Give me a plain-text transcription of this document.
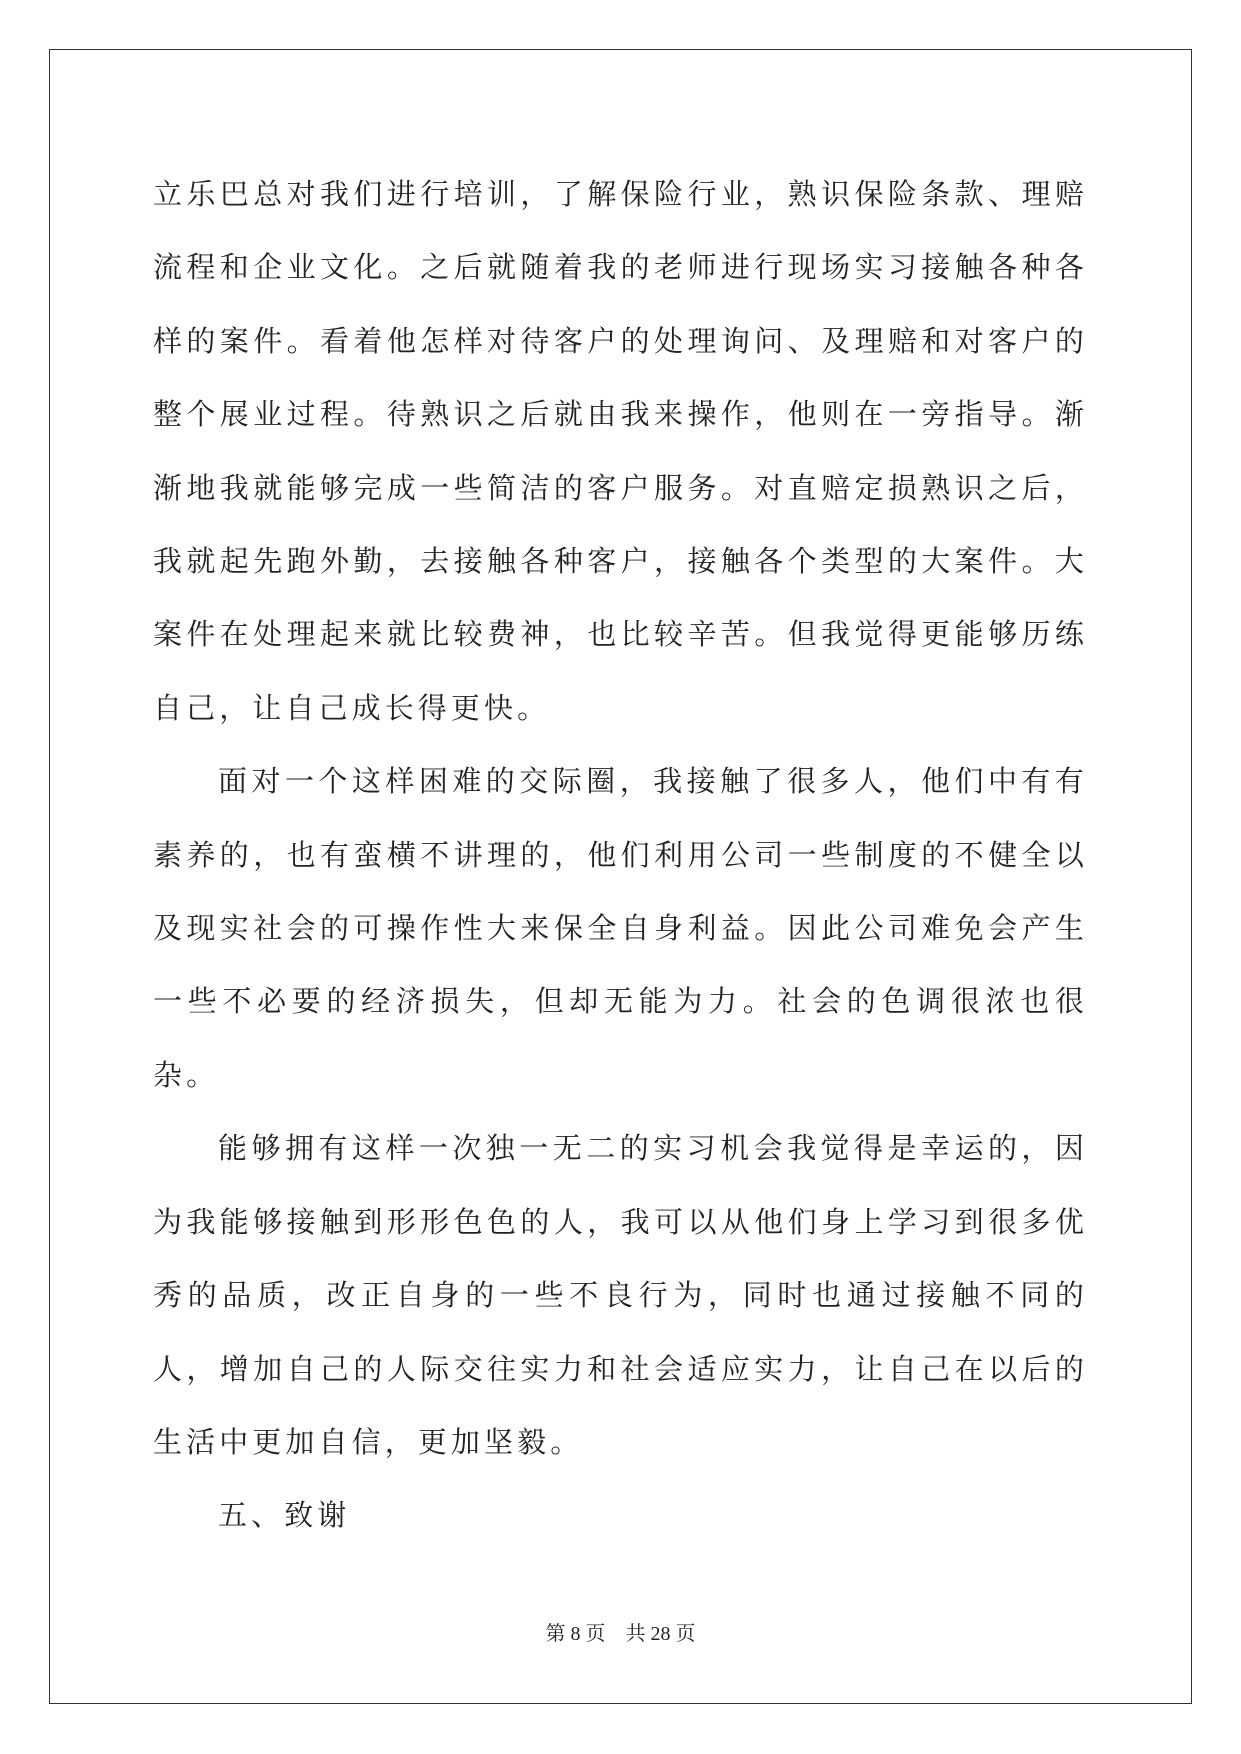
立乐巴总对我们进行培训，了解保险行业，熟识保险条款、理赔流程和企业文化。之后就随着我的老师进行现场实习接触各种各样的案件。看着他怎样对待客户的处理询问、及理赔和对客户的整个展业过程。待熟识之后就由我来操作，他则在一旁指导。渐渐地我就能够完成一些简洁的客户服务。对直赔定损熟识之后，我就起先跑外勤，去接触各种客户，接触各个类型的大案件。大案件在处理起来就比较费神，也比较辛苦。但我觉得更能够历练自己，让自己成长得更快。

面对一个这样困难的交际圈，我接触了很多人，他们中有有素养的，也有蛮横不讲理的，他们利用公司一些制度的不健全以及现实社会的可操作性大来保全自身利益。因此公司难免会产生一些不必要的经济损失，但却无能为力。社会的色调很浓也很杂。

能够拥有这样一次独一无二的实习机会我觉得是幸运的，因为我能够接触到形形色色的人，我可以从他们身上学习到很多优秀的品质，改正自身的一些不良行为，同时也通过接触不同的人，增加自己的人际交往实力和社会适应实力，让自己在以后的生活中更加自信，更加坚毅。

五、致谢

第 8 页　共 28 页
